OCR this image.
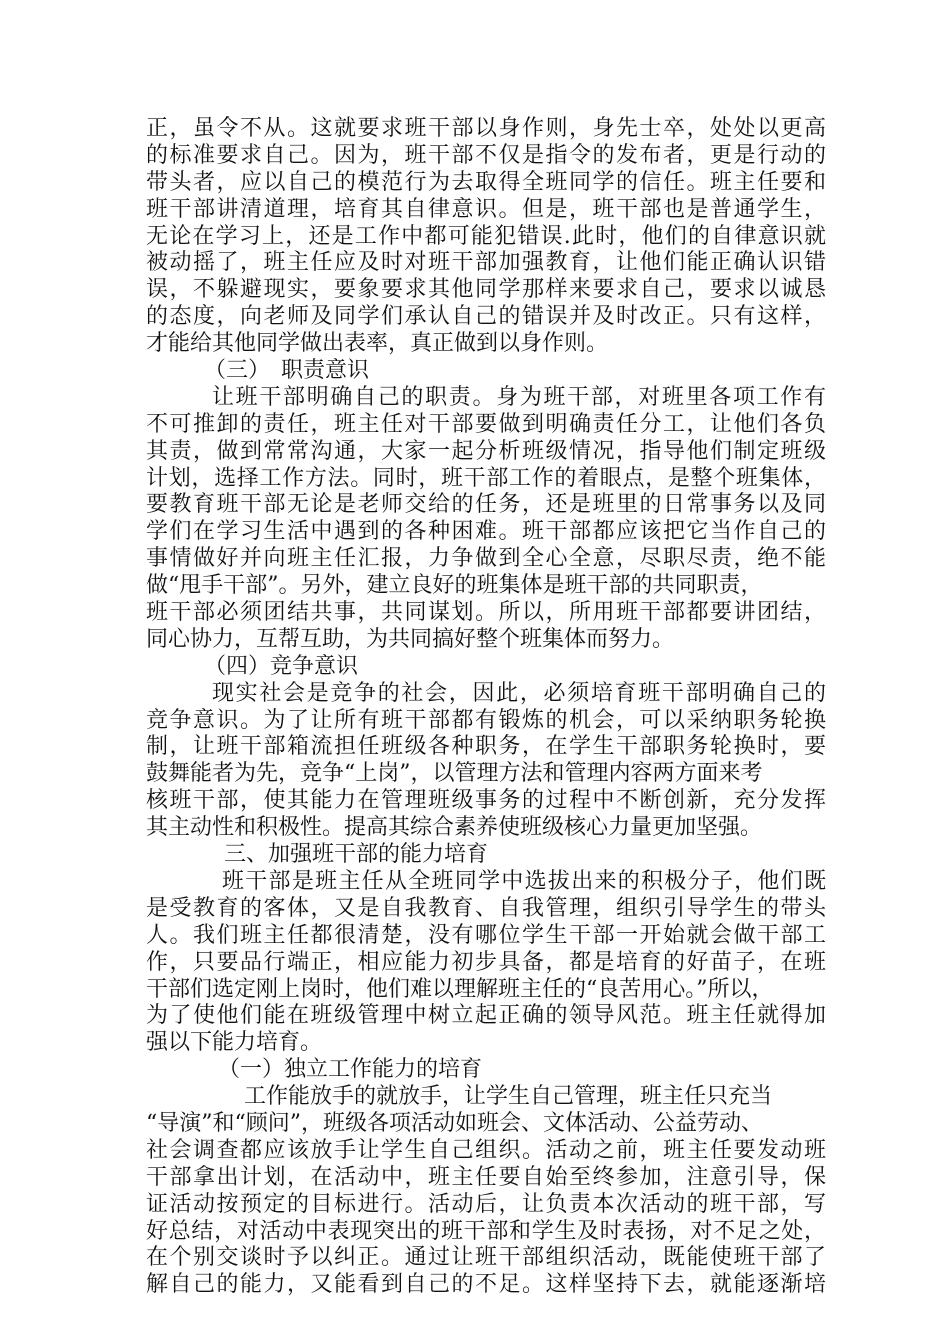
正，虽令不从。这就要求班干部以身作则，身先士卒，处处以更高
的标准要求自己。因为，班干部不仅是指令的发布者，更是行动的
带头者，应以自己的模范行为去取得全班同学的信任。班主任要和
班干部讲清道理，培育其自律意识。但是，班干部也是普通学生，
无论在学习上，还是工作中都可能犯错误.此时，他们的自律意识就
被动摇了，班主任应及时对班干部加强教育，让他们能正确认识错
误，不躲避现实，要象要求其他同学那样来要求自己，要求以诚恳
的态度，向老师及同学们承认自己的错误并及时改正。只有这样，
才能给其他同学做出表率，真正做到以身作则。
（三）　职责意识
让班干部明确自己的职责。身为班干部，对班里各项工作有
不可推卸的责任，班主任对干部要做到明确责任分工，让他们各负
其责，做到常常沟通，大家一起分析班级情况，指导他们制定班级
计划，选择工作方法。同时，班干部工作的着眼点，是整个班集体，
要教育班干部无论是老师交给的任务，还是班里的日常事务以及同
学们在学习生活中遇到的各种困难。班干部都应该把它当作自己的
事情做好并向班主任汇报，力争做到全心全意，尽职尽责，绝不能
做“甩手干部”。另外，建立良好的班集体是班干部的共同职责，
班干部必须团结共事，共同谋划。所以，所用班干部都要讲团结，
同心协力，互帮互助，为共同搞好整个班集体而努力。
（四）竞争意识
现实社会是竞争的社会，因此，必须培育班干部明确自己的
竞争意识。为了让所有班干部都有锻炼的机会，可以采纳职务轮换
制，让班干部箱流担任班级各种职务，在学生干部职务轮换时，要
鼓舞能者为先，竞争“上岗”，以管理方法和管理内容两方面来考
核班干部，使其能力在管理班级事务的过程中不断创新，充分发挥
其主动性和积极性。提高其综合素养使班级核心力量更加坚强。
三、加强班干部的能力培育
班干部是班主任从全班同学中选拔出来的积极分子，他们既
是受教育的客体，又是自我教育、自我管理，组织引导学生的带头
人。我们班主任都很清楚，没有哪位学生干部一开始就会做干部工
作，只要品行端正，相应能力初步具备，都是培育的好苗子，在班
干部们选定刚上岗时，他们难以理解班主任的“良苦用心。”所以，
为了使他们能在班级管理中树立起正确的领导风范。班主任就得加
强以下能力培育。
（一）独立工作能力的培育
工作能放手的就放手，让学生自己管理，班主任只充当
“导演”和“顾问”，班级各项活动如班会、文体活动、公益劳动、
社会调查都应该放手让学生自己组织。活动之前，班主任要发动班
干部拿出计划，在活动中，班主任要自始至终参加，注意引导，保
证活动按预定的目标进行。活动后，让负责本次活动的班干部，写
好总结，对活动中表现突出的班干部和学生及时表扬，对不足之处，
在个别交谈时予以纠正。通过让班干部组织活动，既能使班干部了
解自己的能力，又能看到自己的不足。这样坚持下去，就能逐渐培
